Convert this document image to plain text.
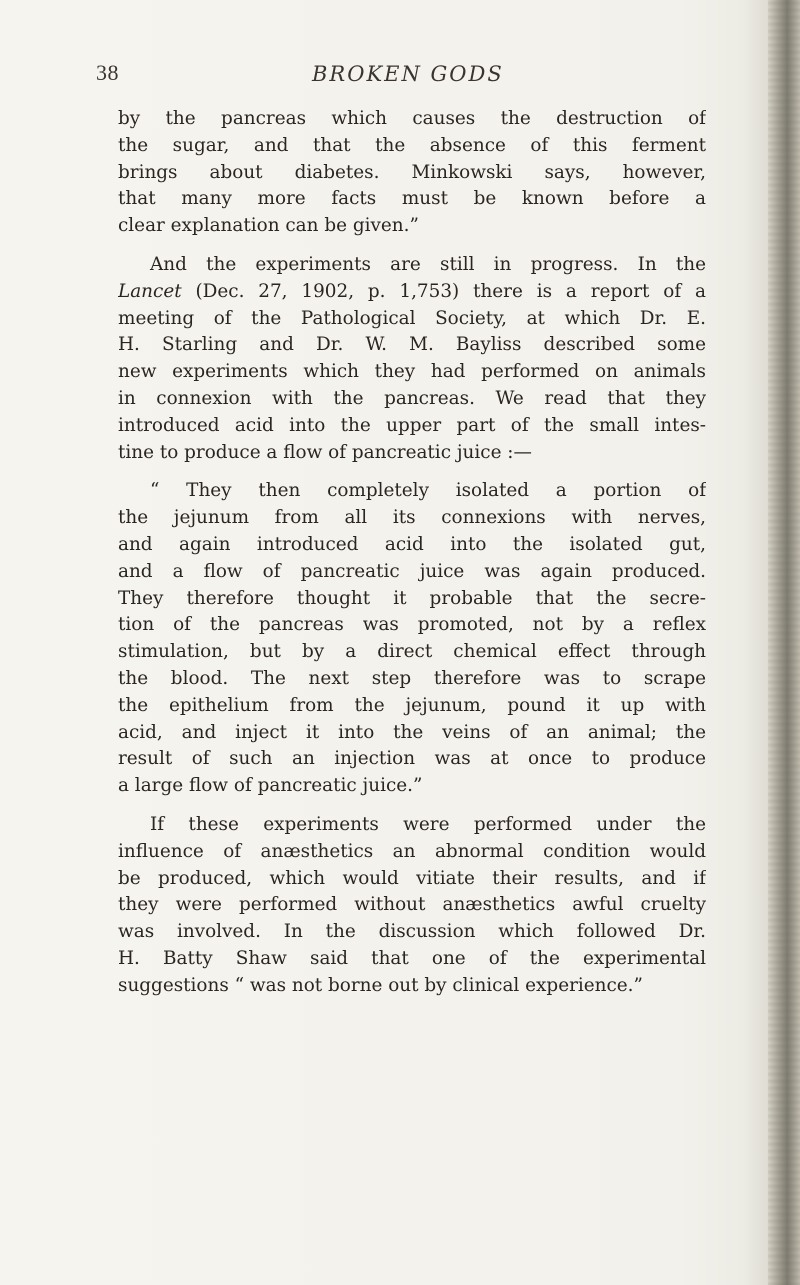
38	BROKEN GODS
by the pancreas which causes the destruction of
the sugar, and that the absence of this ferment
brings about diabetes. Minkowski says, however,
that many more facts must be known before a
clear explanation can be given.”
And the experiments are still in progress. In the
Lancet (Dec. 27, 1902, p. 1,753) there is a report of a
meeting of the Pathological Society, at which Dr. E.
H. Starling and Dr. W. M. Bayliss described some
new experiments which they had performed on animals
in connexion with the pancreas. We read that they
introduced acid into the upper part of the small intes-
tine to produce a flow of pancreatic juice :—
“ They then completely isolated a portion of
the jejunum from all its connexions with nerves,
and again introduced acid into the isolated gut,
and a flow of pancreatic juice was again produced.
They therefore thought it probable that the secre-
tion of the pancreas was promoted, not by a reflex
stimulation, but by a direct chemical effect through
the blood. The next step therefore was to scrape
the epithelium from the jejunum, pound it up with
acid, and inject it into the veins of an animal; the
result of such an injection was at once to produce
a large flow of pancreatic juice.”
If these experiments were performed under the
influence of anæsthetics an abnormal condition would
be produced, which would vitiate their results, and if
they were performed without anæsthetics awful cruelty
was involved. In the discussion which followed Dr.
H. Batty Shaw said that one of the experimental
suggestions “ was not borne out by clinical experience.”
